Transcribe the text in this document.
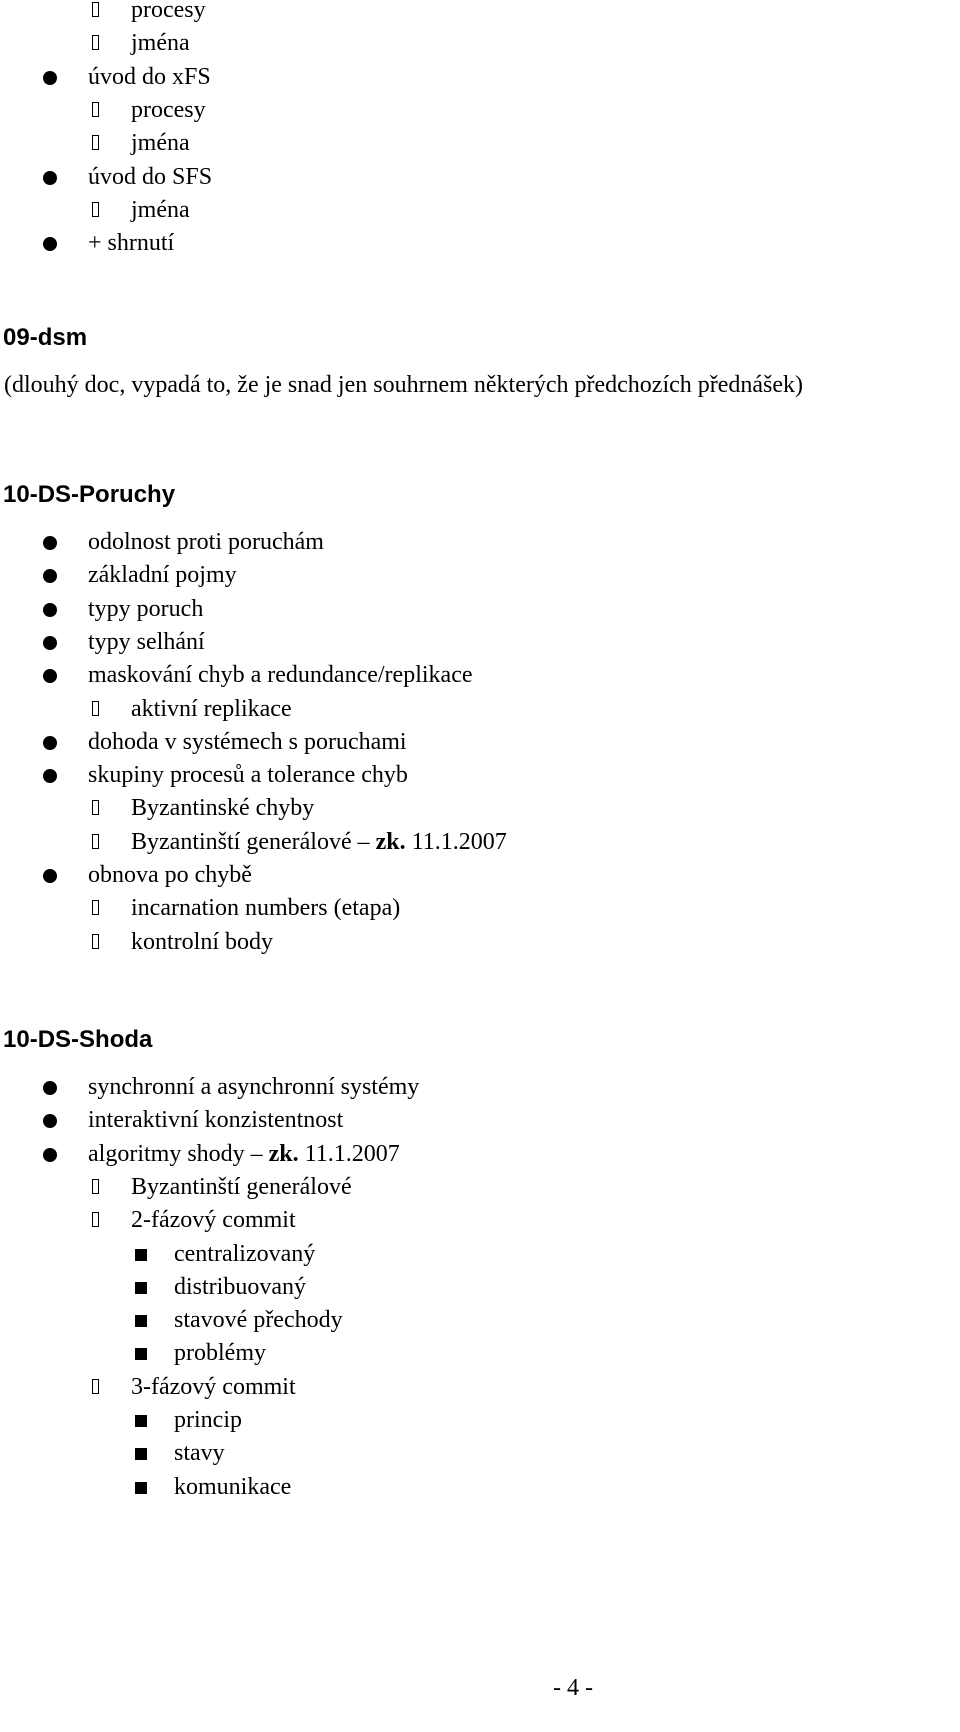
procesy
jména
úvod do xFS
procesy
jména
úvod do SFS
jména
+ shrnutí
09-dsm
(dlouhý doc, vypadá to, že je snad jen souhrnem některých předchozích přednášek)
10-DS-Poruchy
odolnost proti poruchám
základní pojmy
typy poruch
typy selhání
maskování chyb a redundance/replikace
aktivní replikace
dohoda v systémech s poruchami
skupiny procesů a tolerance chyb
Byzantinské chyby
Byzantinští generálové – zk. 11.1.2007
obnova po chybě
incarnation numbers (etapa)
kontrolní body
10-DS-Shoda
synchronní a asynchronní systémy
interaktivní konzistentnost
algoritmy shody – zk. 11.1.2007
Byzantinští generálové
2-fázový commit
centralizovaný
distribuovaný
stavové přechody
problémy
3-fázový commit
princip
stavy
komunikace
- 4 -
